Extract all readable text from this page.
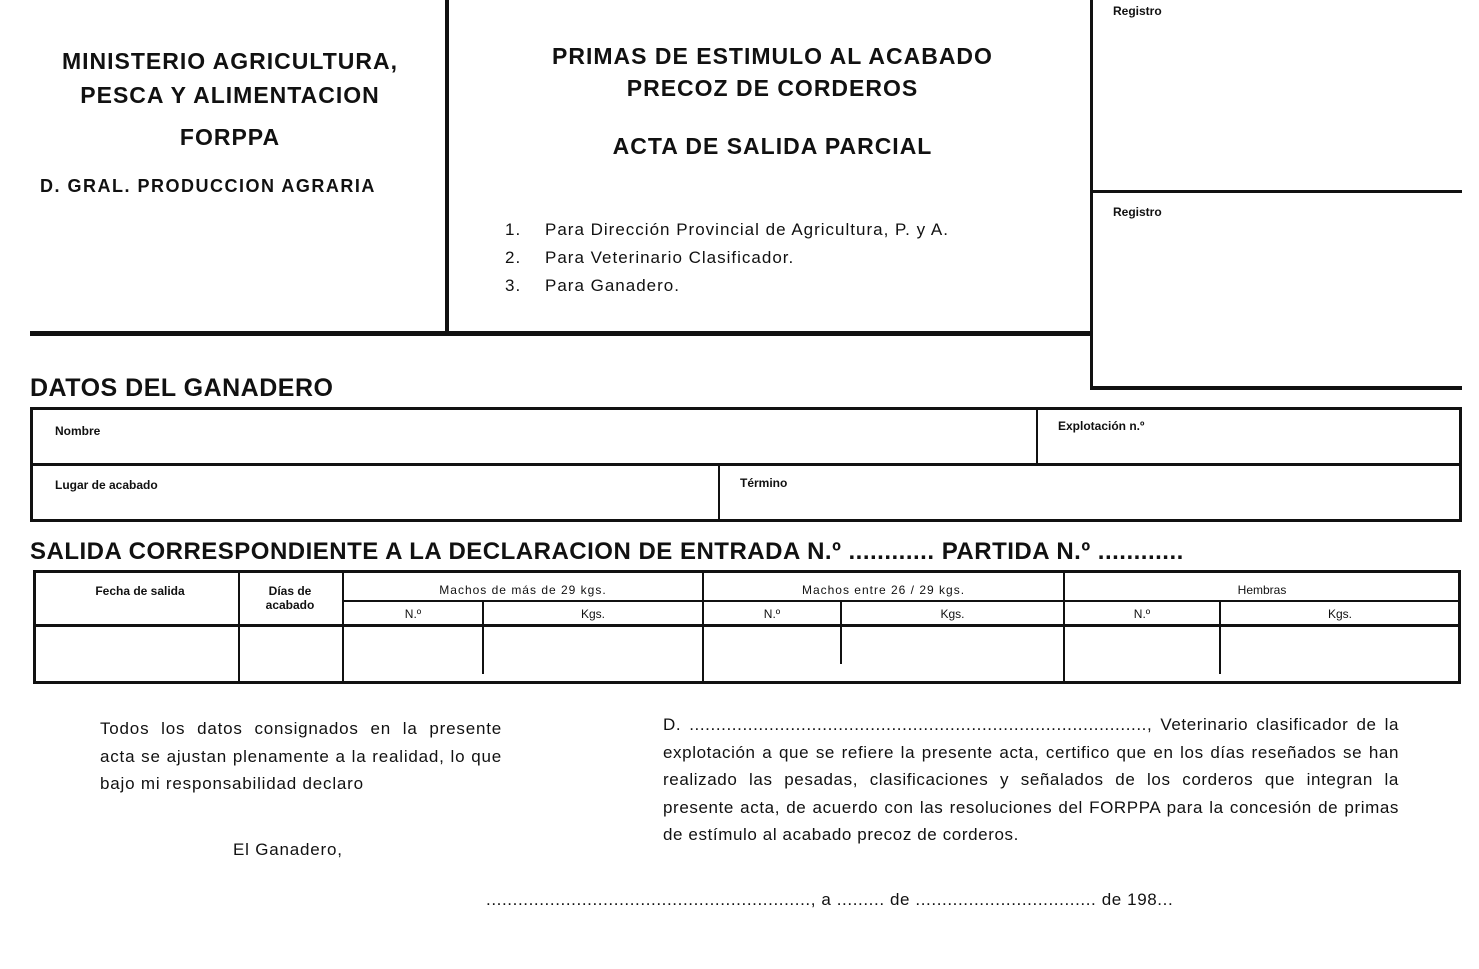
MINISTERIO AGRICULTURA,
PESCA Y ALIMENTACION
FORPPA
D. GRAL. PRODUCCION AGRARIA
PRIMAS DE ESTIMULO AL ACABADO
PRECOZ DE CORDEROS
ACTA DE SALIDA PARCIAL
1. Para Dirección Provincial de Agricultura, P. y A.
2. Para Veterinario Clasificador.
3. Para Ganadero.
Registro
Registro
DATOS DEL GANADERO
Nombre	Explotación n.º
Lugar de acabado	Término
SALIDA CORRESPONDIENTE A LA DECLARACION DE ENTRADA N.º ............ PARTIDA N.º ............
Fecha de salida	Días de acabado
Machos de más de 29 kgs.	Machos entre 26 / 29 kgs.	Hembras
N.º	Kgs.	N.º	Kgs.	N.º	Kgs.
Todos los datos consignados en la presente acta se ajustan plenamente a la realidad, lo que bajo mi responsabilidad declaro
El Ganadero,
D. ......................................................................................, Veterinario clasificador de la explotación a que se refiere la presente acta, certifico que en los días reseñados se han realizado las pesadas, clasificaciones y señalados de los corderos que integran la presente acta, de acuerdo con las resoluciones del FORPPA para la concesión de primas de estímulo al acabado precoz de corderos.
............................................................., a ......... de .................................. de 198...
